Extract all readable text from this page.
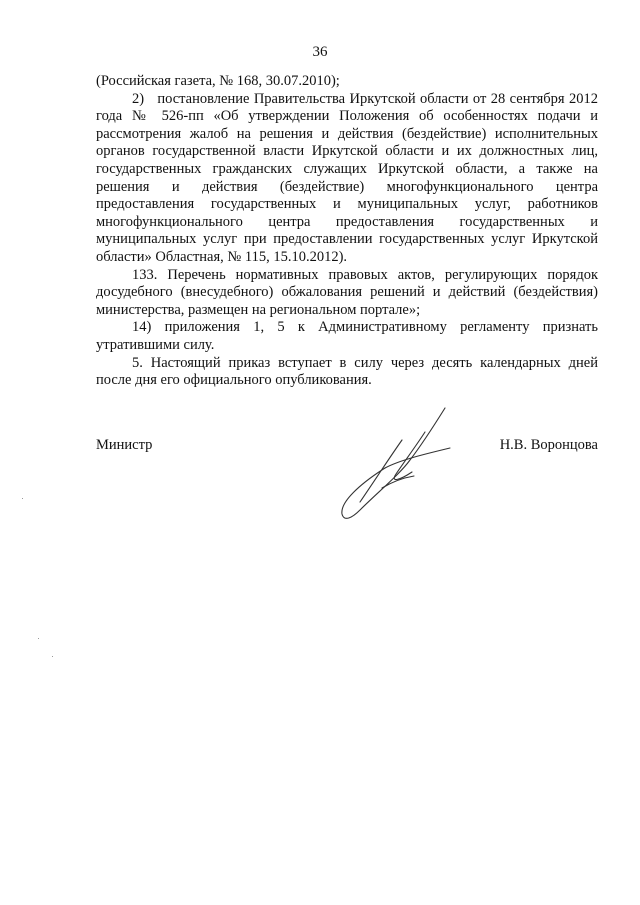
36

(Российская газета, № 168, 30.07.2010);

2)   постановление Правительства Иркутской области от 28 сентября 2012 года № 526-пп «Об утверждении Положения об особенностях подачи и рассмотрения жалоб на решения и действия (бездействие) исполнительных органов государственной власти Иркутской области и их должностных лиц, государственных гражданских служащих Иркутской области, а также на решения и действия (бездействие) многофункционального центра предоставления государственных и муниципальных услуг, работников многофункционального центра предоставления государственных и муниципальных услуг при предоставлении государственных услуг Иркутской области» Областная, № 115, 15.10.2012).

133. Перечень нормативных правовых актов, регулирующих порядок досудебного (внесудебного) обжалования решений и действий (бездействия) министерства, размещен на региональном портале»;

14) приложения 1, 5 к Административному регламенту признать утратившими силу.

5. Настоящий приказ вступает в силу через десять календарных дней после дня его официального опубликования.

Министр	Н.В. Воронцова
